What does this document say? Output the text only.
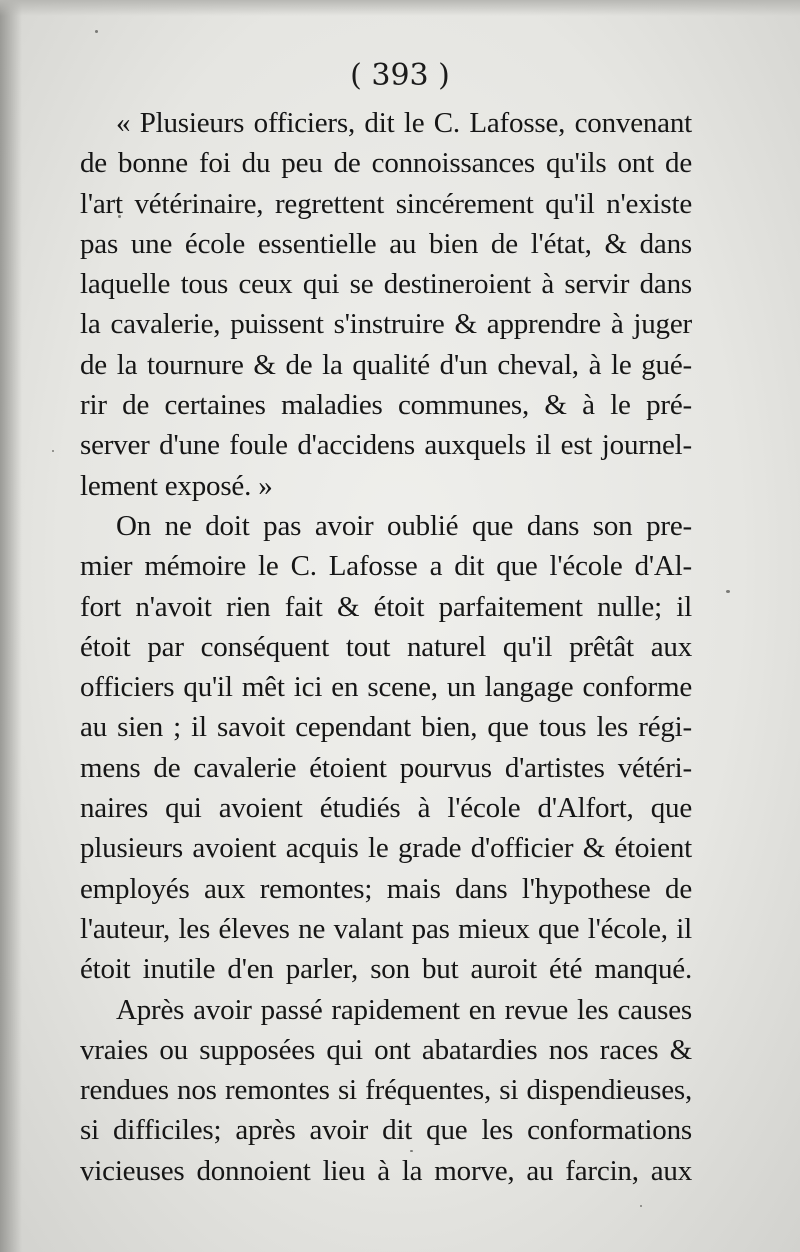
( 393 )
« Plusieurs officiers, dit le C. Lafosse, convenant
de bonne foi du peu de connoissances qu'ils ont de
l'art vétérinaire, regrettent sincérement qu'il n'existe
pas une école essentielle au bien de l'état, & dans
laquelle tous ceux qui se destineroient à servir dans
la cavalerie, puissent s'instruire & apprendre à juger
de la tournure & de la qualité d'un cheval, à le gué-
rir de certaines maladies communes, & à le pré-
server d'une foule d'accidens auxquels il est journel-
lement exposé. »
On ne doit pas avoir oublié que dans son pre-
mier mémoire le C. Lafosse a dit que l'école d'Al-
fort n'avoit rien fait & étoit parfaitement nulle; il
étoit par conséquent tout naturel qu'il prêtât aux
officiers qu'il mêt ici en scene, un langage conforme
au sien ; il savoit cependant bien, que tous les régi-
mens de cavalerie étoient pourvus d'artistes vétéri-
naires qui avoient étudiés à l'école d'Alfort, que
plusieurs avoient acquis le grade d'officier & étoient
employés aux remontes; mais dans l'hypothese de
l'auteur, les éleves ne valant pas mieux que l'école, il
étoit inutile d'en parler, son but auroit été manqué.
Après avoir passé rapidement en revue les causes
vraies ou supposées qui ont abatardies nos races &
rendues nos remontes si fréquentes, si dispendieuses,
si difficiles; après avoir dit que les conformations
vicieuses donnoient lieu à la morve, au farcin, aux
